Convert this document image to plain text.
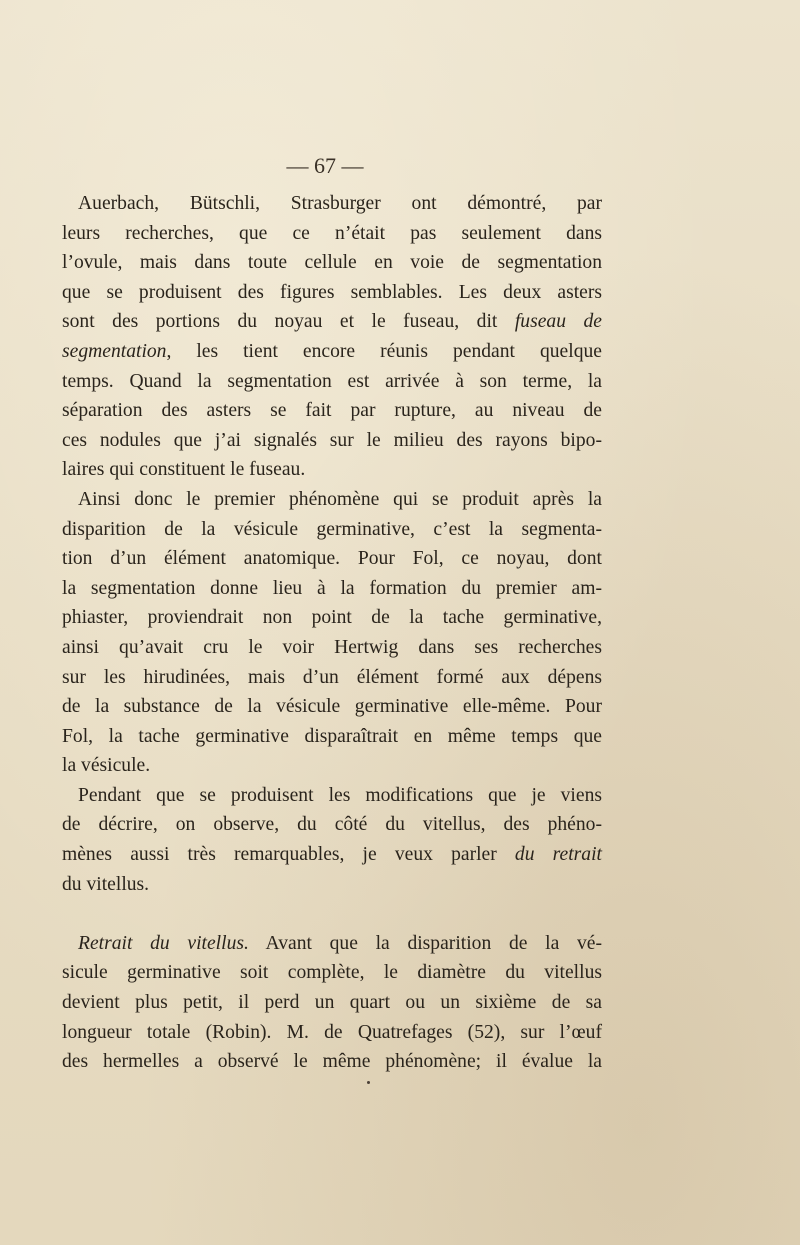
— 67 —
Auerbach, Bütschli, Strasburger ont démontré, par
leurs recherches, que ce n’était pas seulement dans
l’ovule, mais dans toute cellule en voie de segmentation
que se produisent des figures semblables. Les deux asters
sont des portions du noyau et le fuseau, dit fuseau de
segmentation, les tient encore réunis pendant quelque
temps. Quand la segmentation est arrivée à son terme, la
séparation des asters se fait par rupture, au niveau de
ces nodules que j’ai signalés sur le milieu des rayons bipo-
laires qui constituent le fuseau.
Ainsi donc le premier phénomène qui se produit après la
disparition de la vésicule germinative, c’est la segmenta-
tion d’un élément anatomique. Pour Fol, ce noyau, dont
la segmentation donne lieu à la formation du premier am-
phiaster, proviendrait non point de la tache germinative,
ainsi qu’avait cru le voir Hertwig dans ses recherches
sur les hirudinées, mais d’un élément formé aux dépens
de la substance de la vésicule germinative elle-même. Pour
Fol, la tache germinative disparaîtrait en même temps que
la vésicule.
Pendant que se produisent les modifications que je viens
de décrire, on observe, du côté du vitellus, des phéno-
mènes aussi très remarquables, je veux parler du retrait
du vitellus.
Retrait du vitellus. Avant que la disparition de la vé-
sicule germinative soit complète, le diamètre du vitellus
devient plus petit, il perd un quart ou un sixième de sa
longueur totale (Robin). M. de Quatrefages (52), sur l’œuf
des hermelles a observé le même phénomène; il évalue la
